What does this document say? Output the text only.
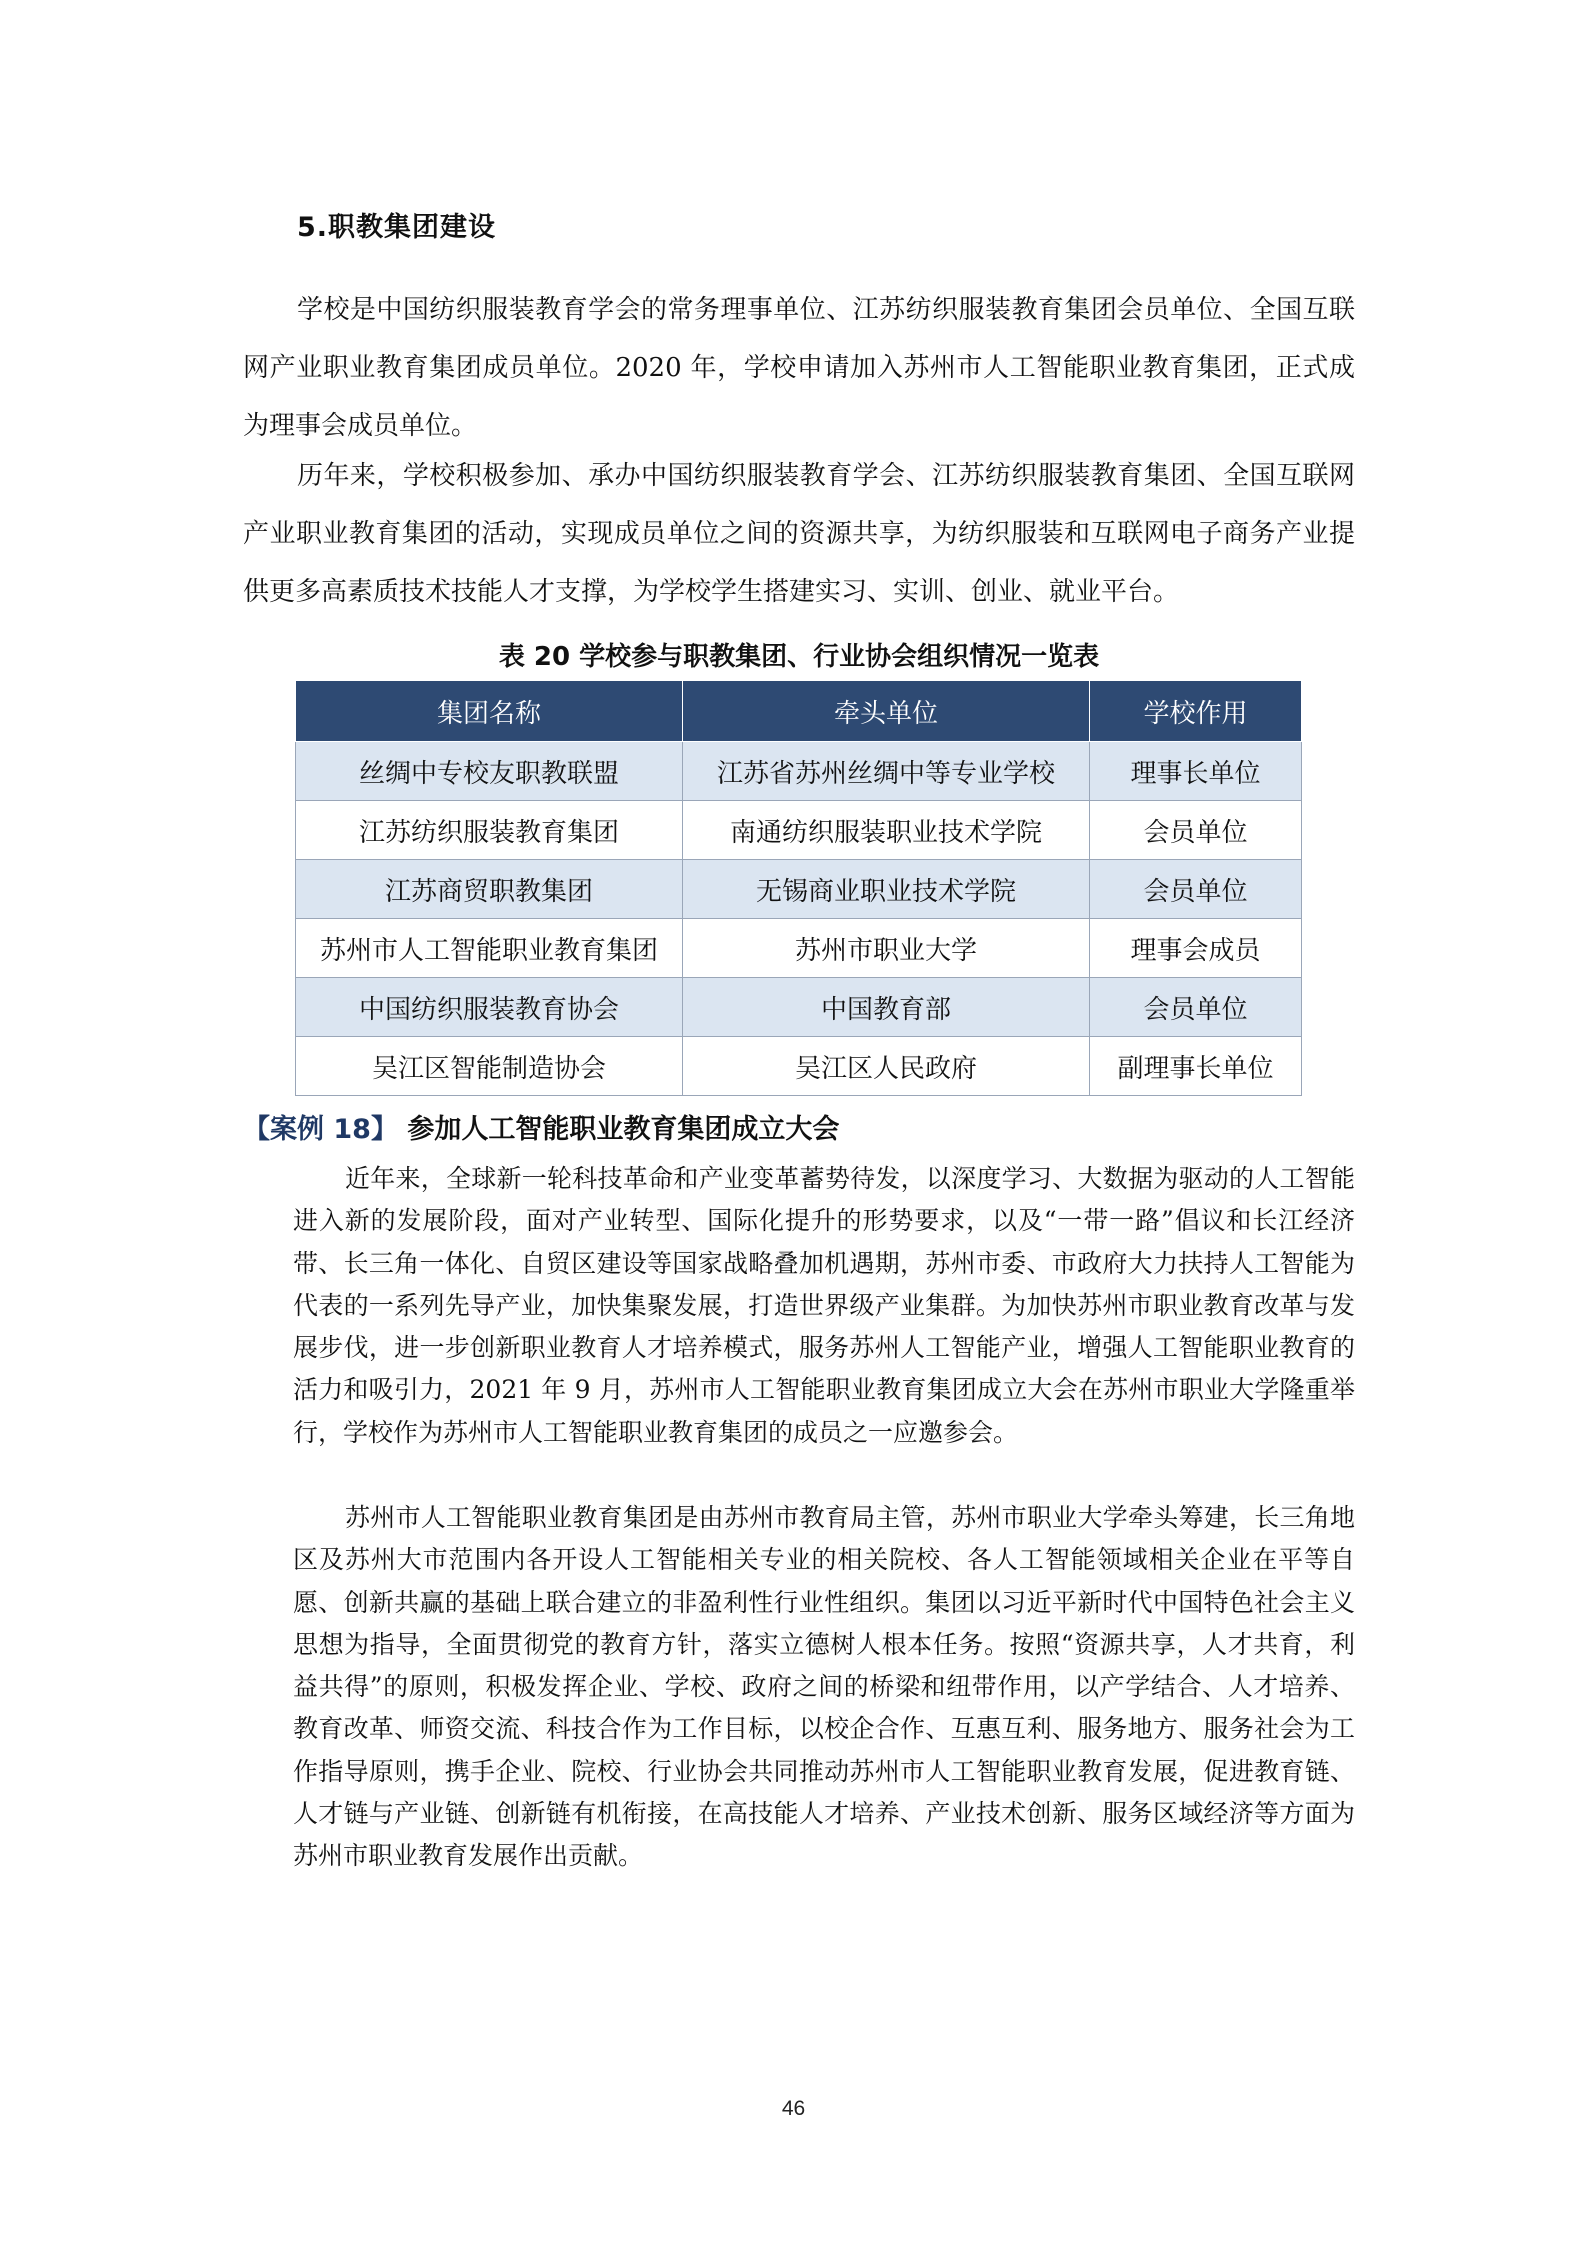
5.职教集团建设

学校是中国纺织服装教育学会的常务理事单位、江苏纺织服装教育集团会员单位、全国互联网产业职业教育集团成员单位。2020 年，学校申请加入苏州市人工智能职业教育集团，正式成为理事会成员单位。

历年来，学校积极参加、承办中国纺织服装教育学会、江苏纺织服装教育集团、全国互联网产业职业教育集团的活动，实现成员单位之间的资源共享，为纺织服装和互联网电子商务产业提供更多高素质技术技能人才支撑，为学校学生搭建实习、实训、创业、就业平台。

表 20 学校参与职教集团、行业协会组织情况一览表
集团名称	牵头单位	学校作用
丝绸中专校友职教联盟	江苏省苏州丝绸中等专业学校	理事长单位
江苏纺织服装教育集团	南通纺织服装职业技术学院	会员单位
江苏商贸职教集团	无锡商业职业技术学院	会员单位
苏州市人工智能职业教育集团	苏州市职业大学	理事会成员
中国纺织服装教育协会	中国教育部	会员单位
吴江区智能制造协会	吴江区人民政府	副理事长单位
【案例 18】 参加人工智能职业教育集团成立大会

近年来，全球新一轮科技革命和产业变革蓄势待发，以深度学习、大数据为驱动的人工智能进入新的发展阶段，面对产业转型、国际化提升的形势要求，以及“一带一路”倡议和长江经济带、长三角一体化、自贸区建设等国家战略叠加机遇期，苏州市委、市政府大力扶持人工智能为代表的一系列先导产业，加快集聚发展，打造世界级产业集群。为加快苏州市职业教育改革与发展步伐，进一步创新职业教育人才培养模式，服务苏州人工智能产业，增强人工智能职业教育的活力和吸引力，2021 年 9 月，苏州市人工智能职业教育集团成立大会在苏州市职业大学隆重举行，学校作为苏州市人工智能职业教育集团的成员之一应邀参会。

苏州市人工智能职业教育集团是由苏州市教育局主管，苏州市职业大学牵头筹建，长三角地区及苏州大市范围内各开设人工智能相关专业的相关院校、各人工智能领域相关企业在平等自愿、创新共赢的基础上联合建立的非盈利性行业性组织。集团以习近平新时代中国特色社会主义思想为指导，全面贯彻党的教育方针，落实立德树人根本任务。按照“资源共享，人才共育，利益共得”的原则，积极发挥企业、学校、政府之间的桥梁和纽带作用，以产学结合、人才培养、教育改革、师资交流、科技合作为工作目标，以校企合作、互惠互利、服务地方、服务社会为工作指导原则，携手企业、院校、行业协会共同推动苏州市人工智能职业教育发展，促进教育链、人才链与产业链、创新链有机衔接，在高技能人才培养、产业技术创新、服务区域经济等方面为苏州市职业教育发展作出贡献。

46
